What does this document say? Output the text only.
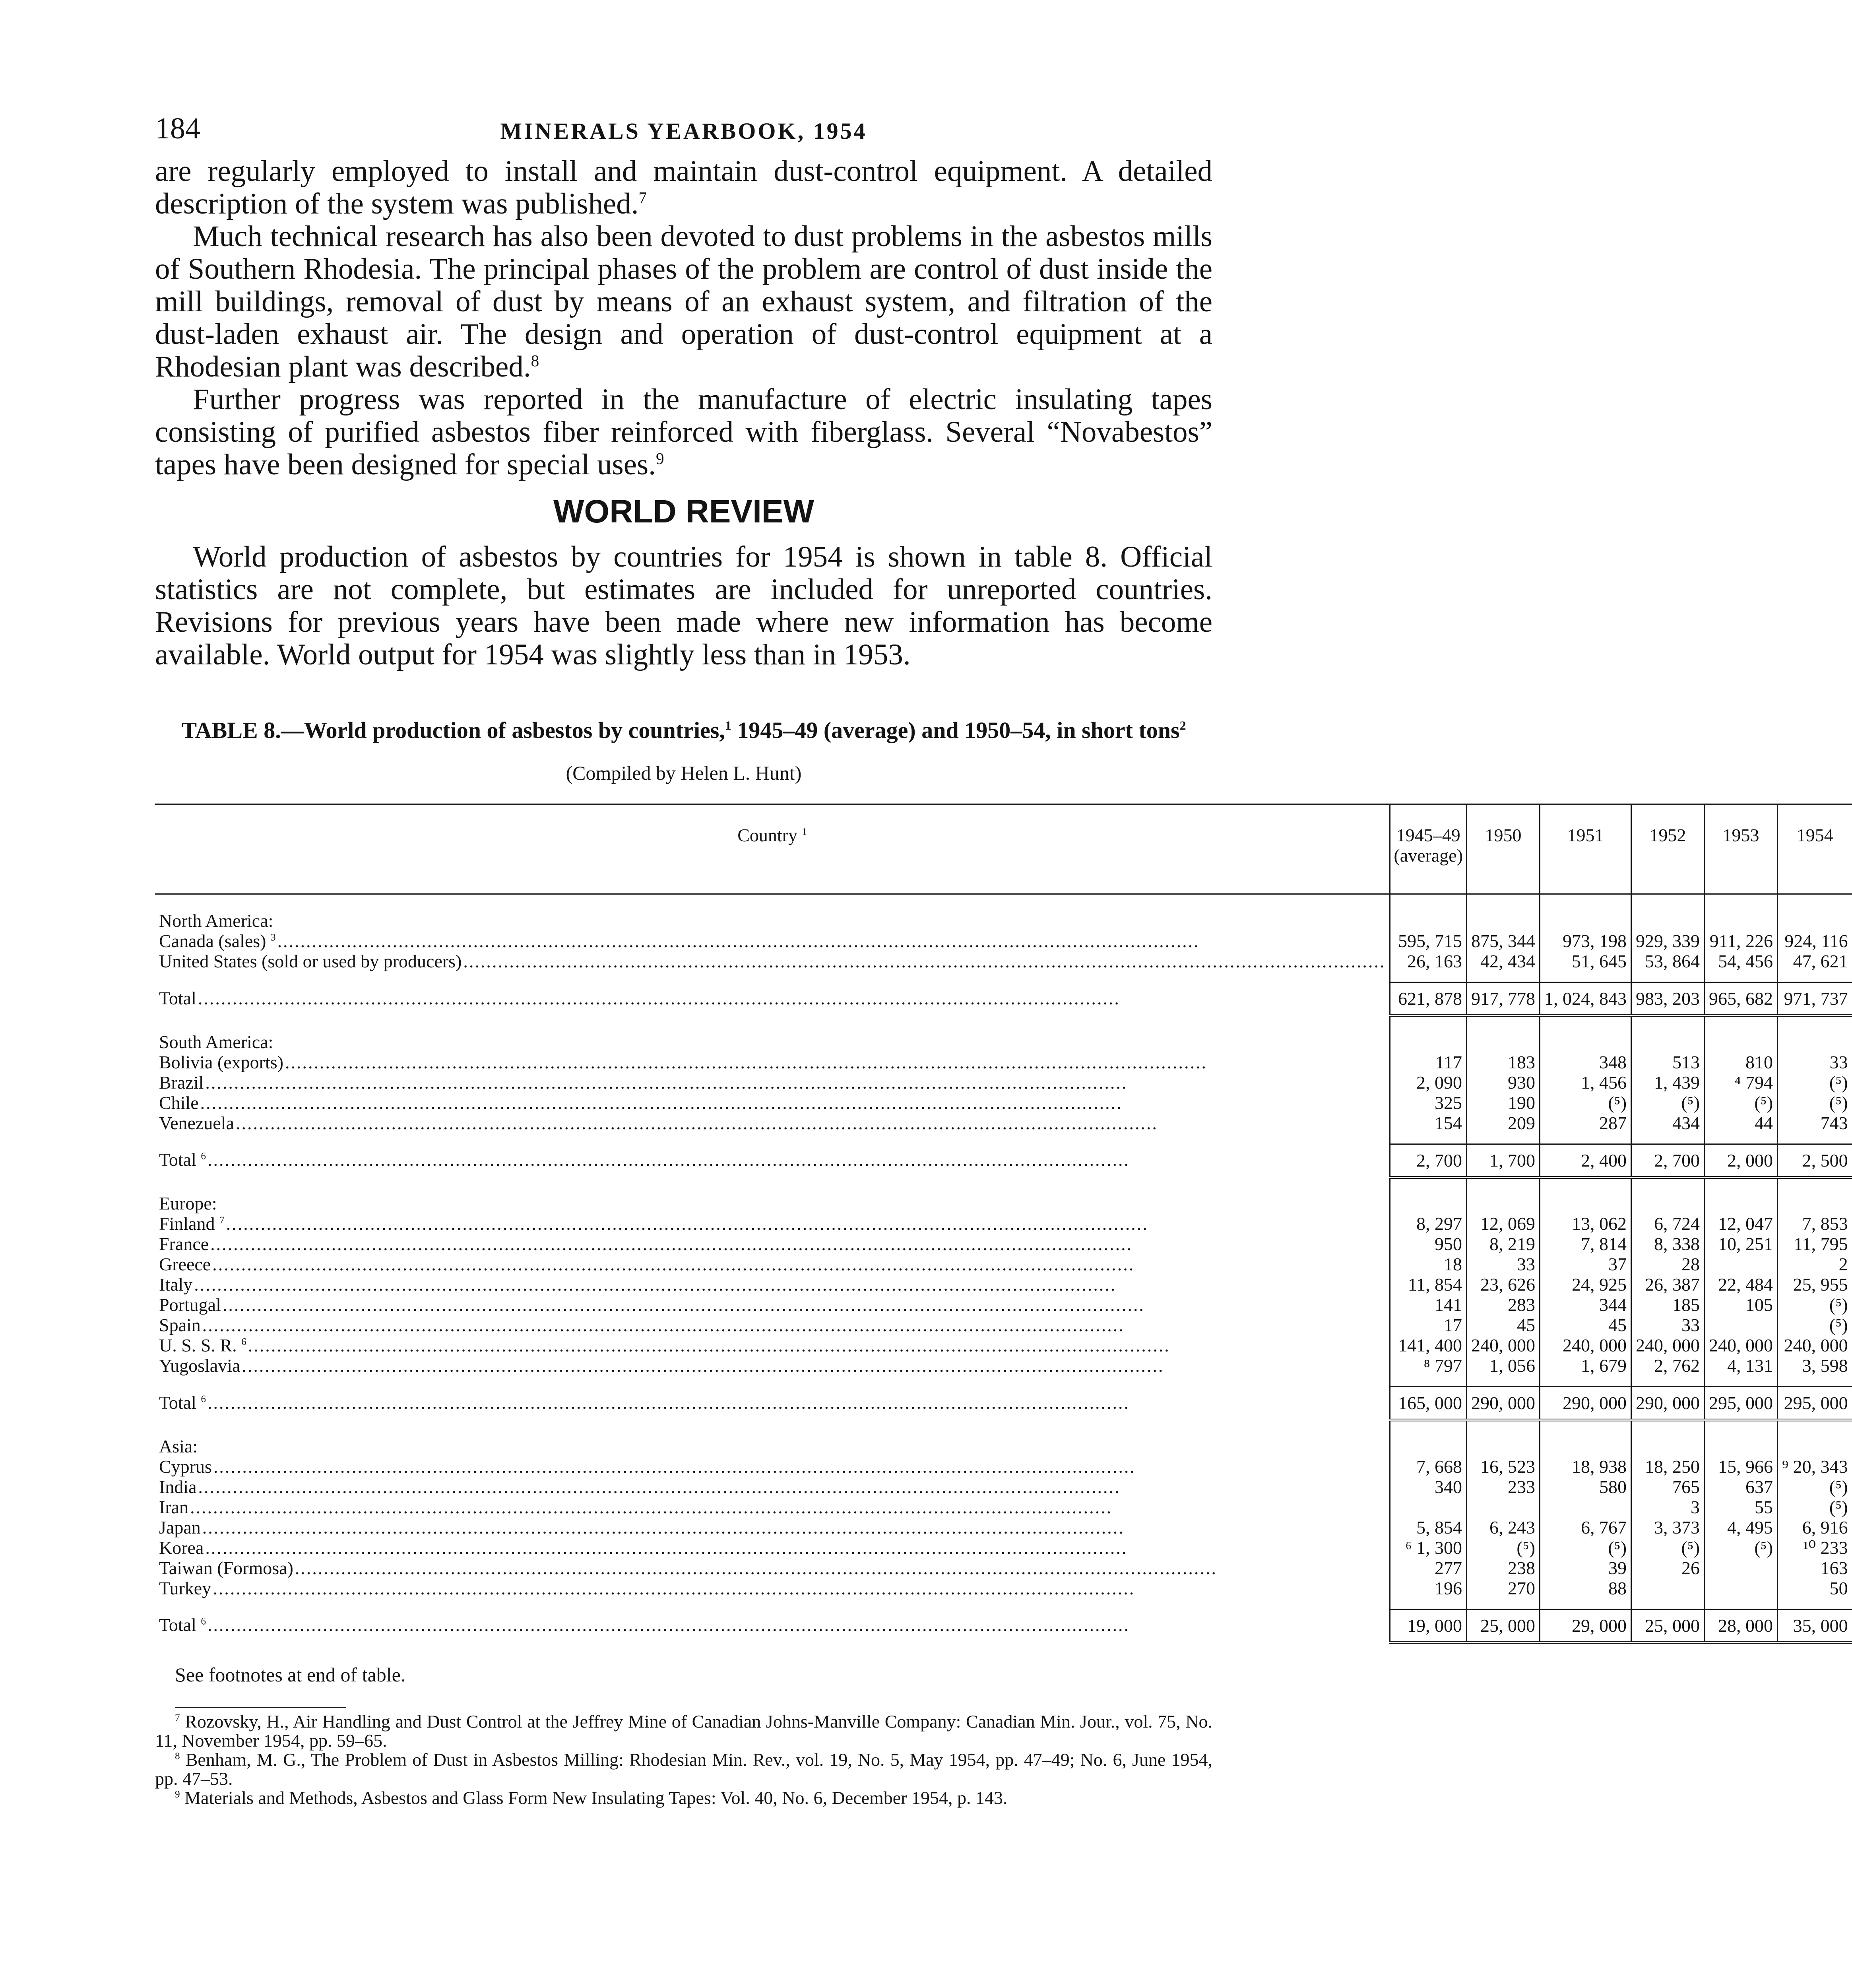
184	MINERALS YEARBOOK, 1954

are regularly employed to install and maintain dust-control equipment. A detailed description of the system was published.$^7$

Much technical research has also been devoted to dust problems in the asbestos mills of Southern Rhodesia. The principal phases of the problem are control of dust inside the mill buildings, removal of dust by means of an exhaust system, and filtration of the dust-laden exhaust air. The design and operation of dust-control equipment at a Rhodesian plant was described.$^8$

Further progress was reported in the manufacture of electric insulating tapes consisting of purified asbestos fiber reinforced with fiberglass. Several “Novabestos” tapes have been designed for special uses.$^9$

WORLD REVIEW

World production of asbestos by countries for 1954 is shown in table 8. Official statistics are not complete, but estimates are included for unreported countries. Revisions for previous years have been made where new information has become available. World output for 1954 was slightly less than in 1953.

TABLE 8.—World production of asbestos by countries,$^1$ 1945–49 (average) and 1950–54, in short tons$^2$
(Compiled by Helen L. Hunt)
Country $^1$	1945–49
(average)	1950	1951	1952	1953	1954
North America:						

Canada (sales) $^3$ ................................................................................................................................................................	595, 715	875, 344	973, 198	929, 339	911, 226	924, 116

United States (sold or used by producers) ................................................................................................................................................................	26, 163	42, 434	51, 645	53, 864	54, 456	47, 621

Total ................................................................................................................................................................	621, 878	917, 778	1, 024, 843	983, 203	965, 682	971, 737
South America:						

Bolivia (exports) ................................................................................................................................................................	117	183	348	513	810	33

Brazil ................................................................................................................................................................	2, 090	930	1, 456	1, 439	⁴ 794	(⁵)

Chile ................................................................................................................................................................	325	190	(⁵)	(⁵)	(⁵)	(⁵)

Venezuela ................................................................................................................................................................	154	209	287	434	44	743

Total $^6$ ................................................................................................................................................................	2, 700	1, 700	2, 400	2, 700	2, 000	2, 500
Europe:						

Finland $^7$ ................................................................................................................................................................	8, 297	12, 069	13, 062	6, 724	12, 047	7, 853

France ................................................................................................................................................................	950	8, 219	7, 814	8, 338	10, 251	11, 795

Greece ................................................................................................................................................................	18	33	37	28		2

Italy ................................................................................................................................................................	11, 854	23, 626	24, 925	26, 387	22, 484	25, 955

Portugal ................................................................................................................................................................	141	283	344	185	105	(⁵)

Spain ................................................................................................................................................................	17	45	45	33		(⁵)

U. S. S. R. $^6$ ................................................................................................................................................................	141, 400	240, 000	240, 000	240, 000	240, 000	240, 000

Yugoslavia ................................................................................................................................................................	⁸ 797	1, 056	1, 679	2, 762	4, 131	3, 598

Total $^6$ ................................................................................................................................................................	165, 000	290, 000	290, 000	290, 000	295, 000	295, 000
Asia:						

Cyprus ................................................................................................................................................................	7, 668	16, 523	18, 938	18, 250	15, 966	⁹ 20, 343

India ................................................................................................................................................................	340	233	580	765	637	(⁵)

Iran ................................................................................................................................................................				3	55	(⁵)

Japan ................................................................................................................................................................	5, 854	6, 243	6, 767	3, 373	4, 495	6, 916

Korea ................................................................................................................................................................	⁶ 1, 300	(⁵)	(⁵)	(⁵)	(⁵)	¹⁰ 233

Taiwan (Formosa) ................................................................................................................................................................	277	238	39	26		163

Turkey ................................................................................................................................................................	196	270	88			50

Total $^6$ ................................................................................................................................................................	19, 000	25, 000	29, 000	25, 000	28, 000	35, 000
See footnotes at end of table.

$^7$ Rozovsky, H., Air Handling and Dust Control at the Jeffrey Mine of Canadian Johns-Manville Company: Canadian Min. Jour., vol. 75, No. 11, November 1954, pp. 59–65.

$^8$ Benham, M. G., The Problem of Dust in Asbestos Milling: Rhodesian Min. Rev., vol. 19, No. 5, May 1954, pp. 47–49; No. 6, June 1954, pp. 47–53.

$^9$ Materials and Methods, Asbestos and Glass Form New Insulating Tapes: Vol. 40, No. 6, December 1954, p. 143.
